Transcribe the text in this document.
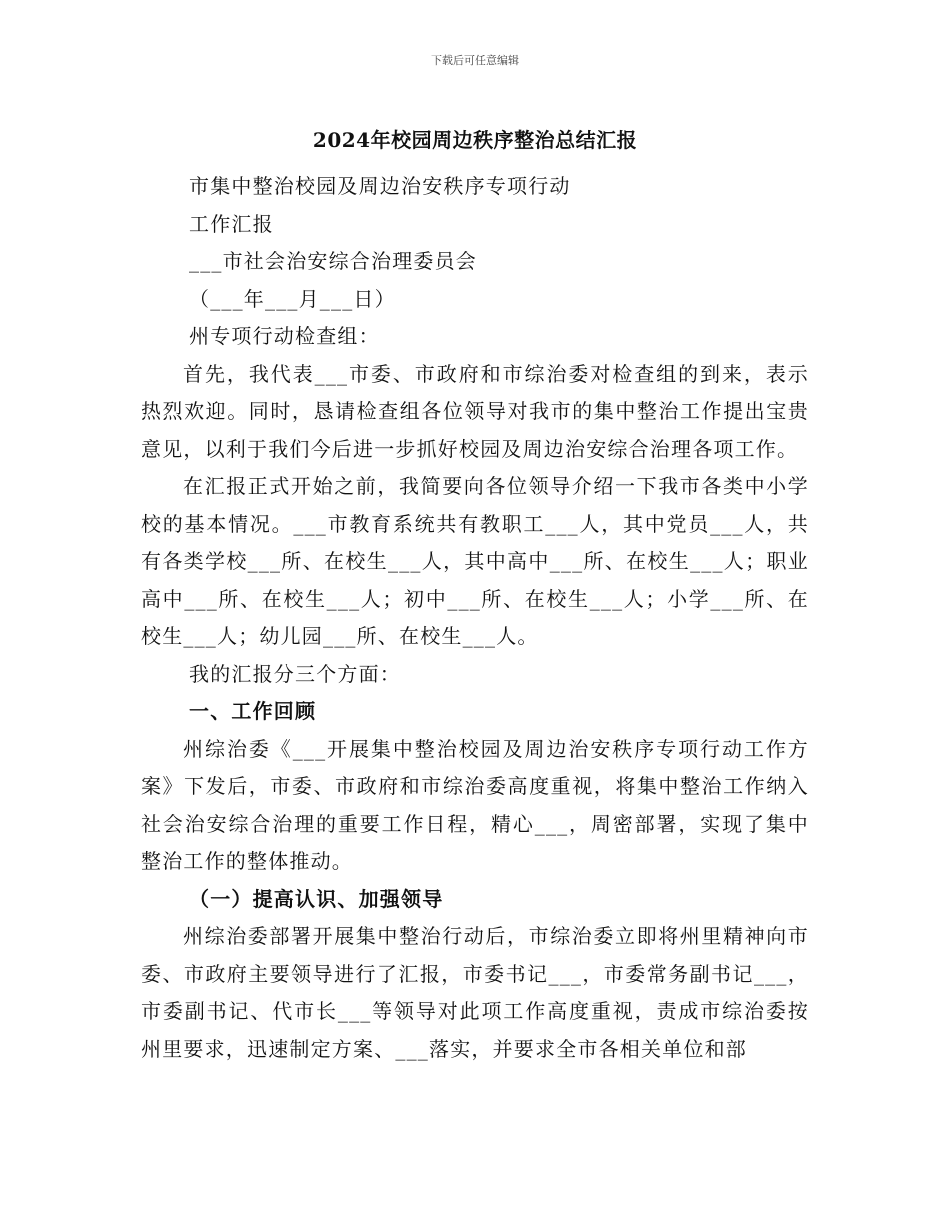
下载后可任意编辑
2024年校园周边秩序整治总结汇报

市集中整治校园及周边治安秩序专项行动

工作汇报

___市社会治安综合治理委员会

（___年___月___日）

州专项行动检查组：

首先，我代表___市委、市政府和市综治委对检查组的到来，表示热烈欢迎。同时，恳请检查组各位领导对我市的集中整治工作提出宝贵意见，以利于我们今后进一步抓好校园及周边治安综合治理各项工作。

在汇报正式开始之前，我简要向各位领导介绍一下我市各类中小学校的基本情况。___市教育系统共有教职工___人，其中党员___人，共有各类学校___所、在校生___人，其中高中___所、在校生___人；职业高中___所、在校生___人；初中___所、在校生___人；小学___所、在校生___人；幼儿园___所、在校生___人。

我的汇报分三个方面：

一、工作回顾

州综治委《___开展集中整治校园及周边治安秩序专项行动工作方案》下发后，市委、市政府和市综治委高度重视，将集中整治工作纳入社会治安综合治理的重要工作日程，精心___，周密部署，实现了集中整治工作的整体推动。

（一）提高认识、加强领导

州综治委部署开展集中整治行动后，市综治委立即将州里精神向市委、市政府主要领导进行了汇报，市委书记___，市委常务副书记___，市委副书记、代市长___等领导对此项工作高度重视，责成市综治委按州里要求，迅速制定方案、___落实，并要求全市各相关单位和部
